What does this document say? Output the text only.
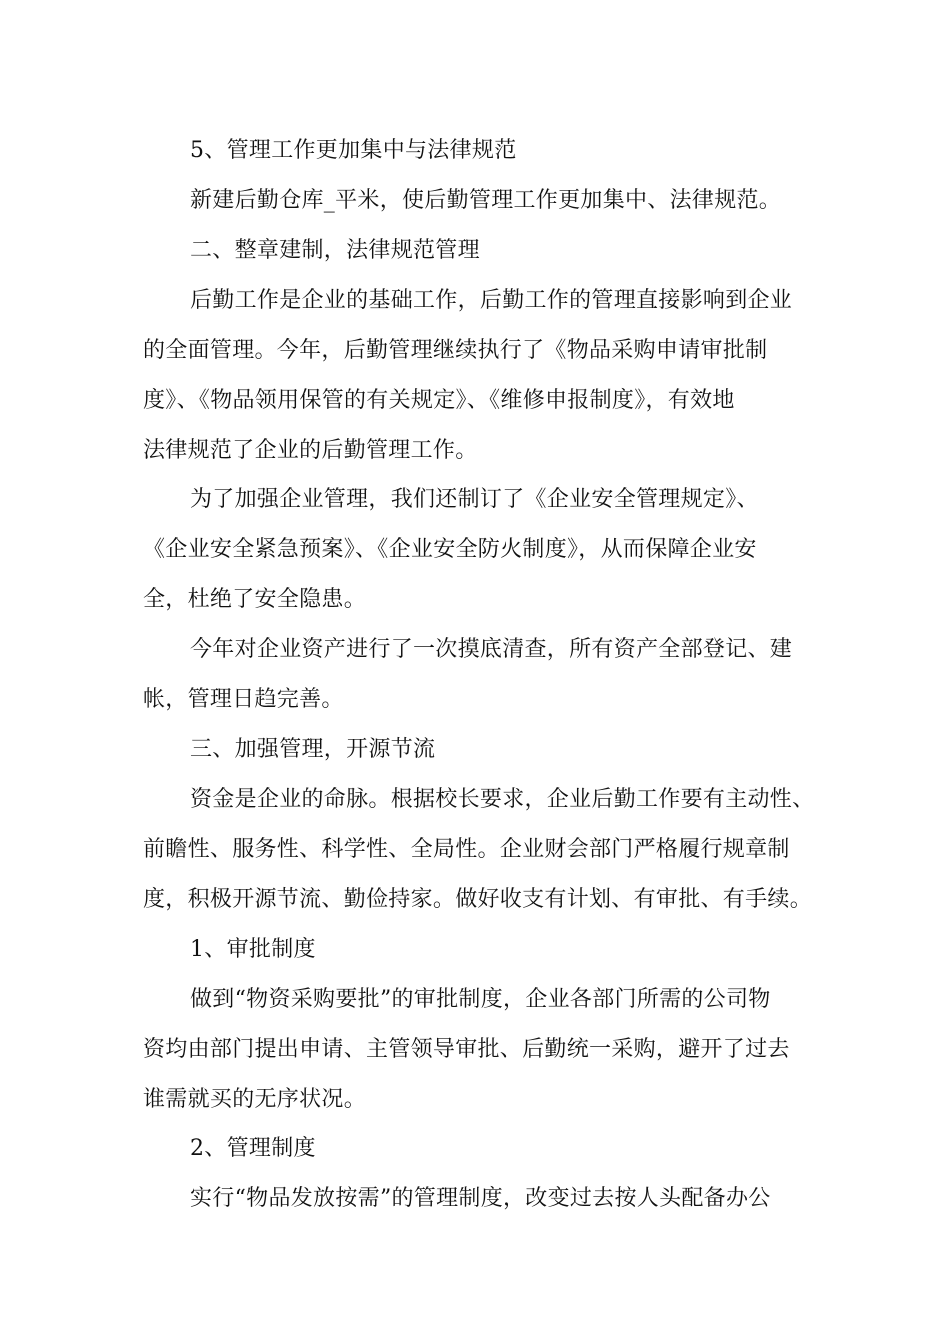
5、管理工作更加集中与法律规范
新建后勤仓库_平米，使后勤管理工作更加集中、法律规范。
二、整章建制，法律规范管理
后勤工作是企业的基础工作，后勤工作的管理直接影响到企业
的全面管理。今年，后勤管理继续执行了《物品采购申请审批制
度》、《物品领用保管的有关规定》、《维修申报制度》，有效地
法律规范了企业的后勤管理工作。
为了加强企业管理，我们还制订了《企业安全管理规定》、
《企业安全紧急预案》、《企业安全防火制度》，从而保障企业安
全，杜绝了安全隐患。
今年对企业资产进行了一次摸底清查，所有资产全部登记、建
帐，管理日趋完善。
三、加强管理，开源节流
资金是企业的命脉。根据校长要求，企业后勤工作要有主动性、
前瞻性、服务性、科学性、全局性。企业财会部门严格履行规章制
度，积极开源节流、勤俭持家。做好收支有计划、有审批、有手续。
1、审批制度
做到“物资采购要批”的审批制度，企业各部门所需的公司物
资均由部门提出申请、主管领导审批、后勤统一采购，避开了过去
谁需就买的无序状况。
2、管理制度
实行“物品发放按需”的管理制度，改变过去按人头配备办公
